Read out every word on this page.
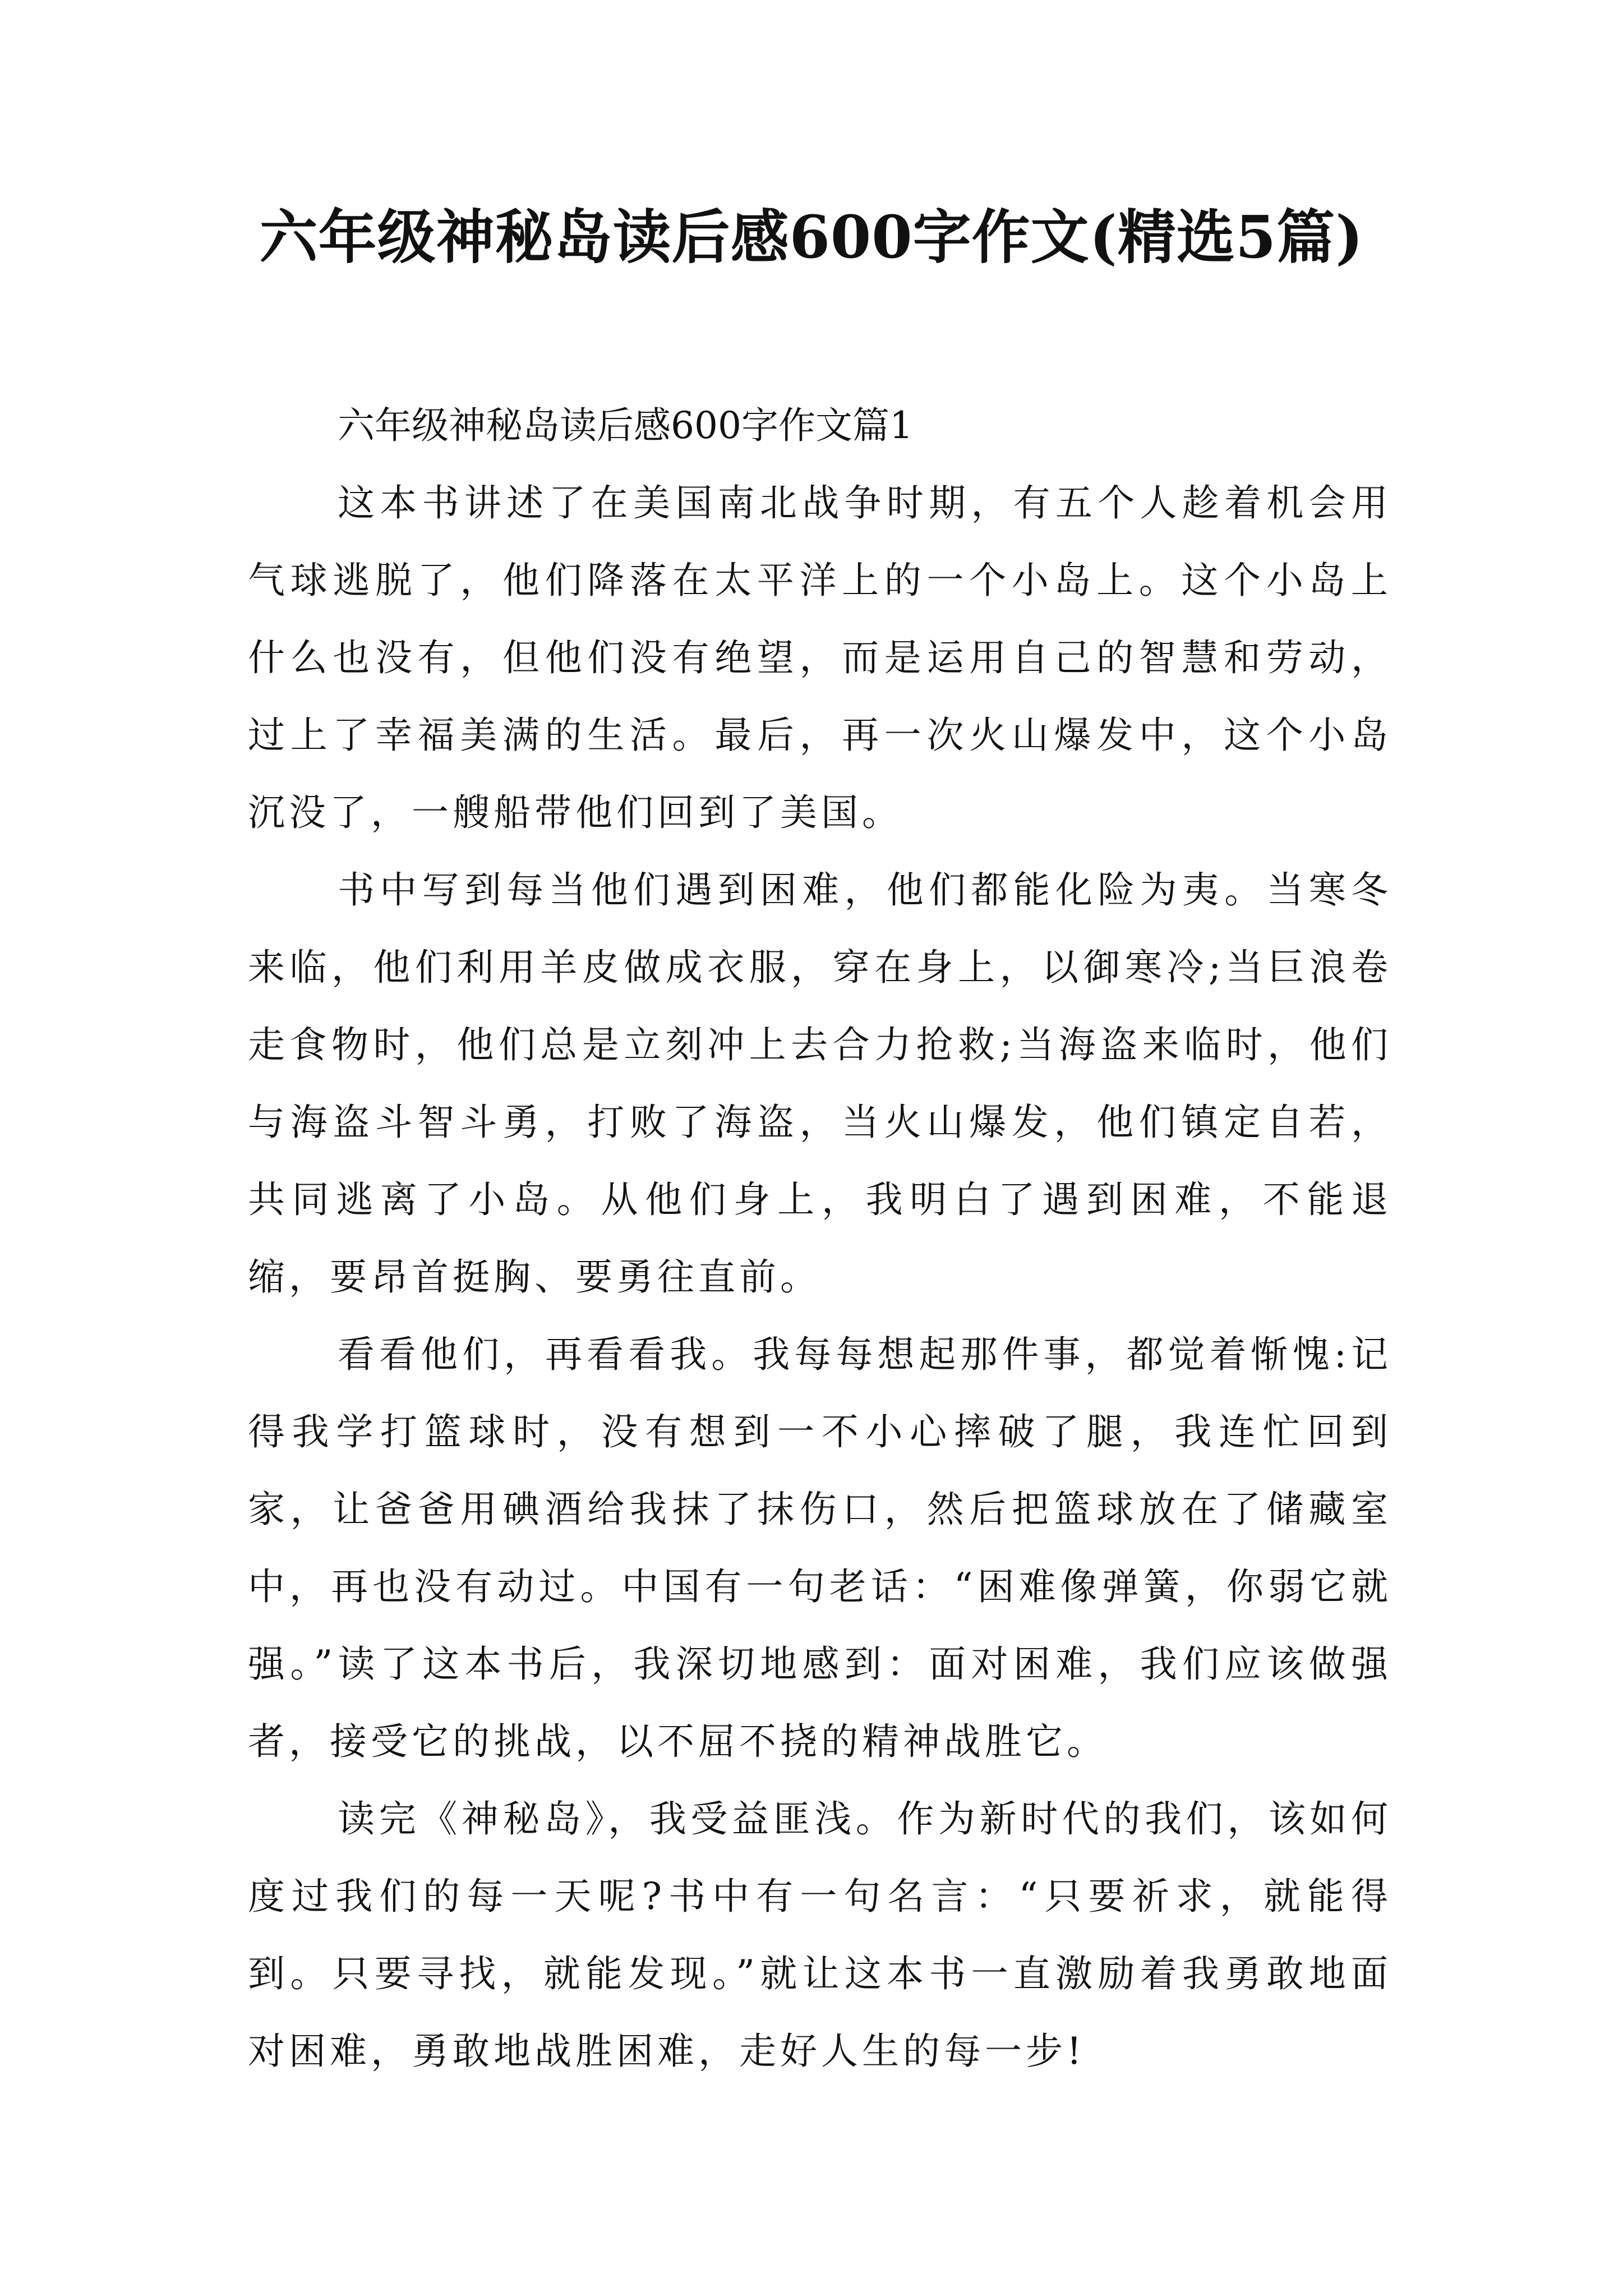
六年级神秘岛读后感600字作文(精选5篇)

六年级神秘岛读后感600字作文篇1

这本书讲述了在美国南北战争时期，有五个人趁着机会用气球逃脱了，他们降落在太平洋上的一个小岛上。这个小岛上什么也没有，但他们没有绝望，而是运用自己的智慧和劳动，过上了幸福美满的生活。最后，再一次火山爆发中，这个小岛沉没了，一艘船带他们回到了美国。

书中写到每当他们遇到困难，他们都能化险为夷。当寒冬来临，他们利用羊皮做成衣服，穿在身上，以御寒冷;当巨浪卷走食物时，他们总是立刻冲上去合力抢救;当海盗来临时，他们与海盗斗智斗勇，打败了海盗，当火山爆发，他们镇定自若，共同逃离了小岛。从他们身上，我明白了遇到困难，不能退缩，要昂首挺胸、要勇往直前。

看看他们，再看看我。我每每想起那件事，都觉着惭愧:记得我学打篮球时，没有想到一不小心摔破了腿，我连忙回到家，让爸爸用碘酒给我抹了抹伤口，然后把篮球放在了储藏室中，再也没有动过。中国有一句老话：“困难像弹簧，你弱它就强。”读了这本书后，我深切地感到：面对困难，我们应该做强者，接受它的挑战，以不屈不挠的精神战胜它。

读完《神秘岛》，我受益匪浅。作为新时代的我们，该如何度过我们的每一天呢?书中有一句名言：“只要祈求，就能得到。只要寻找，就能发现。”就让这本书一直激励着我勇敢地面对困难，勇敢地战胜困难，走好人生的每一步!
